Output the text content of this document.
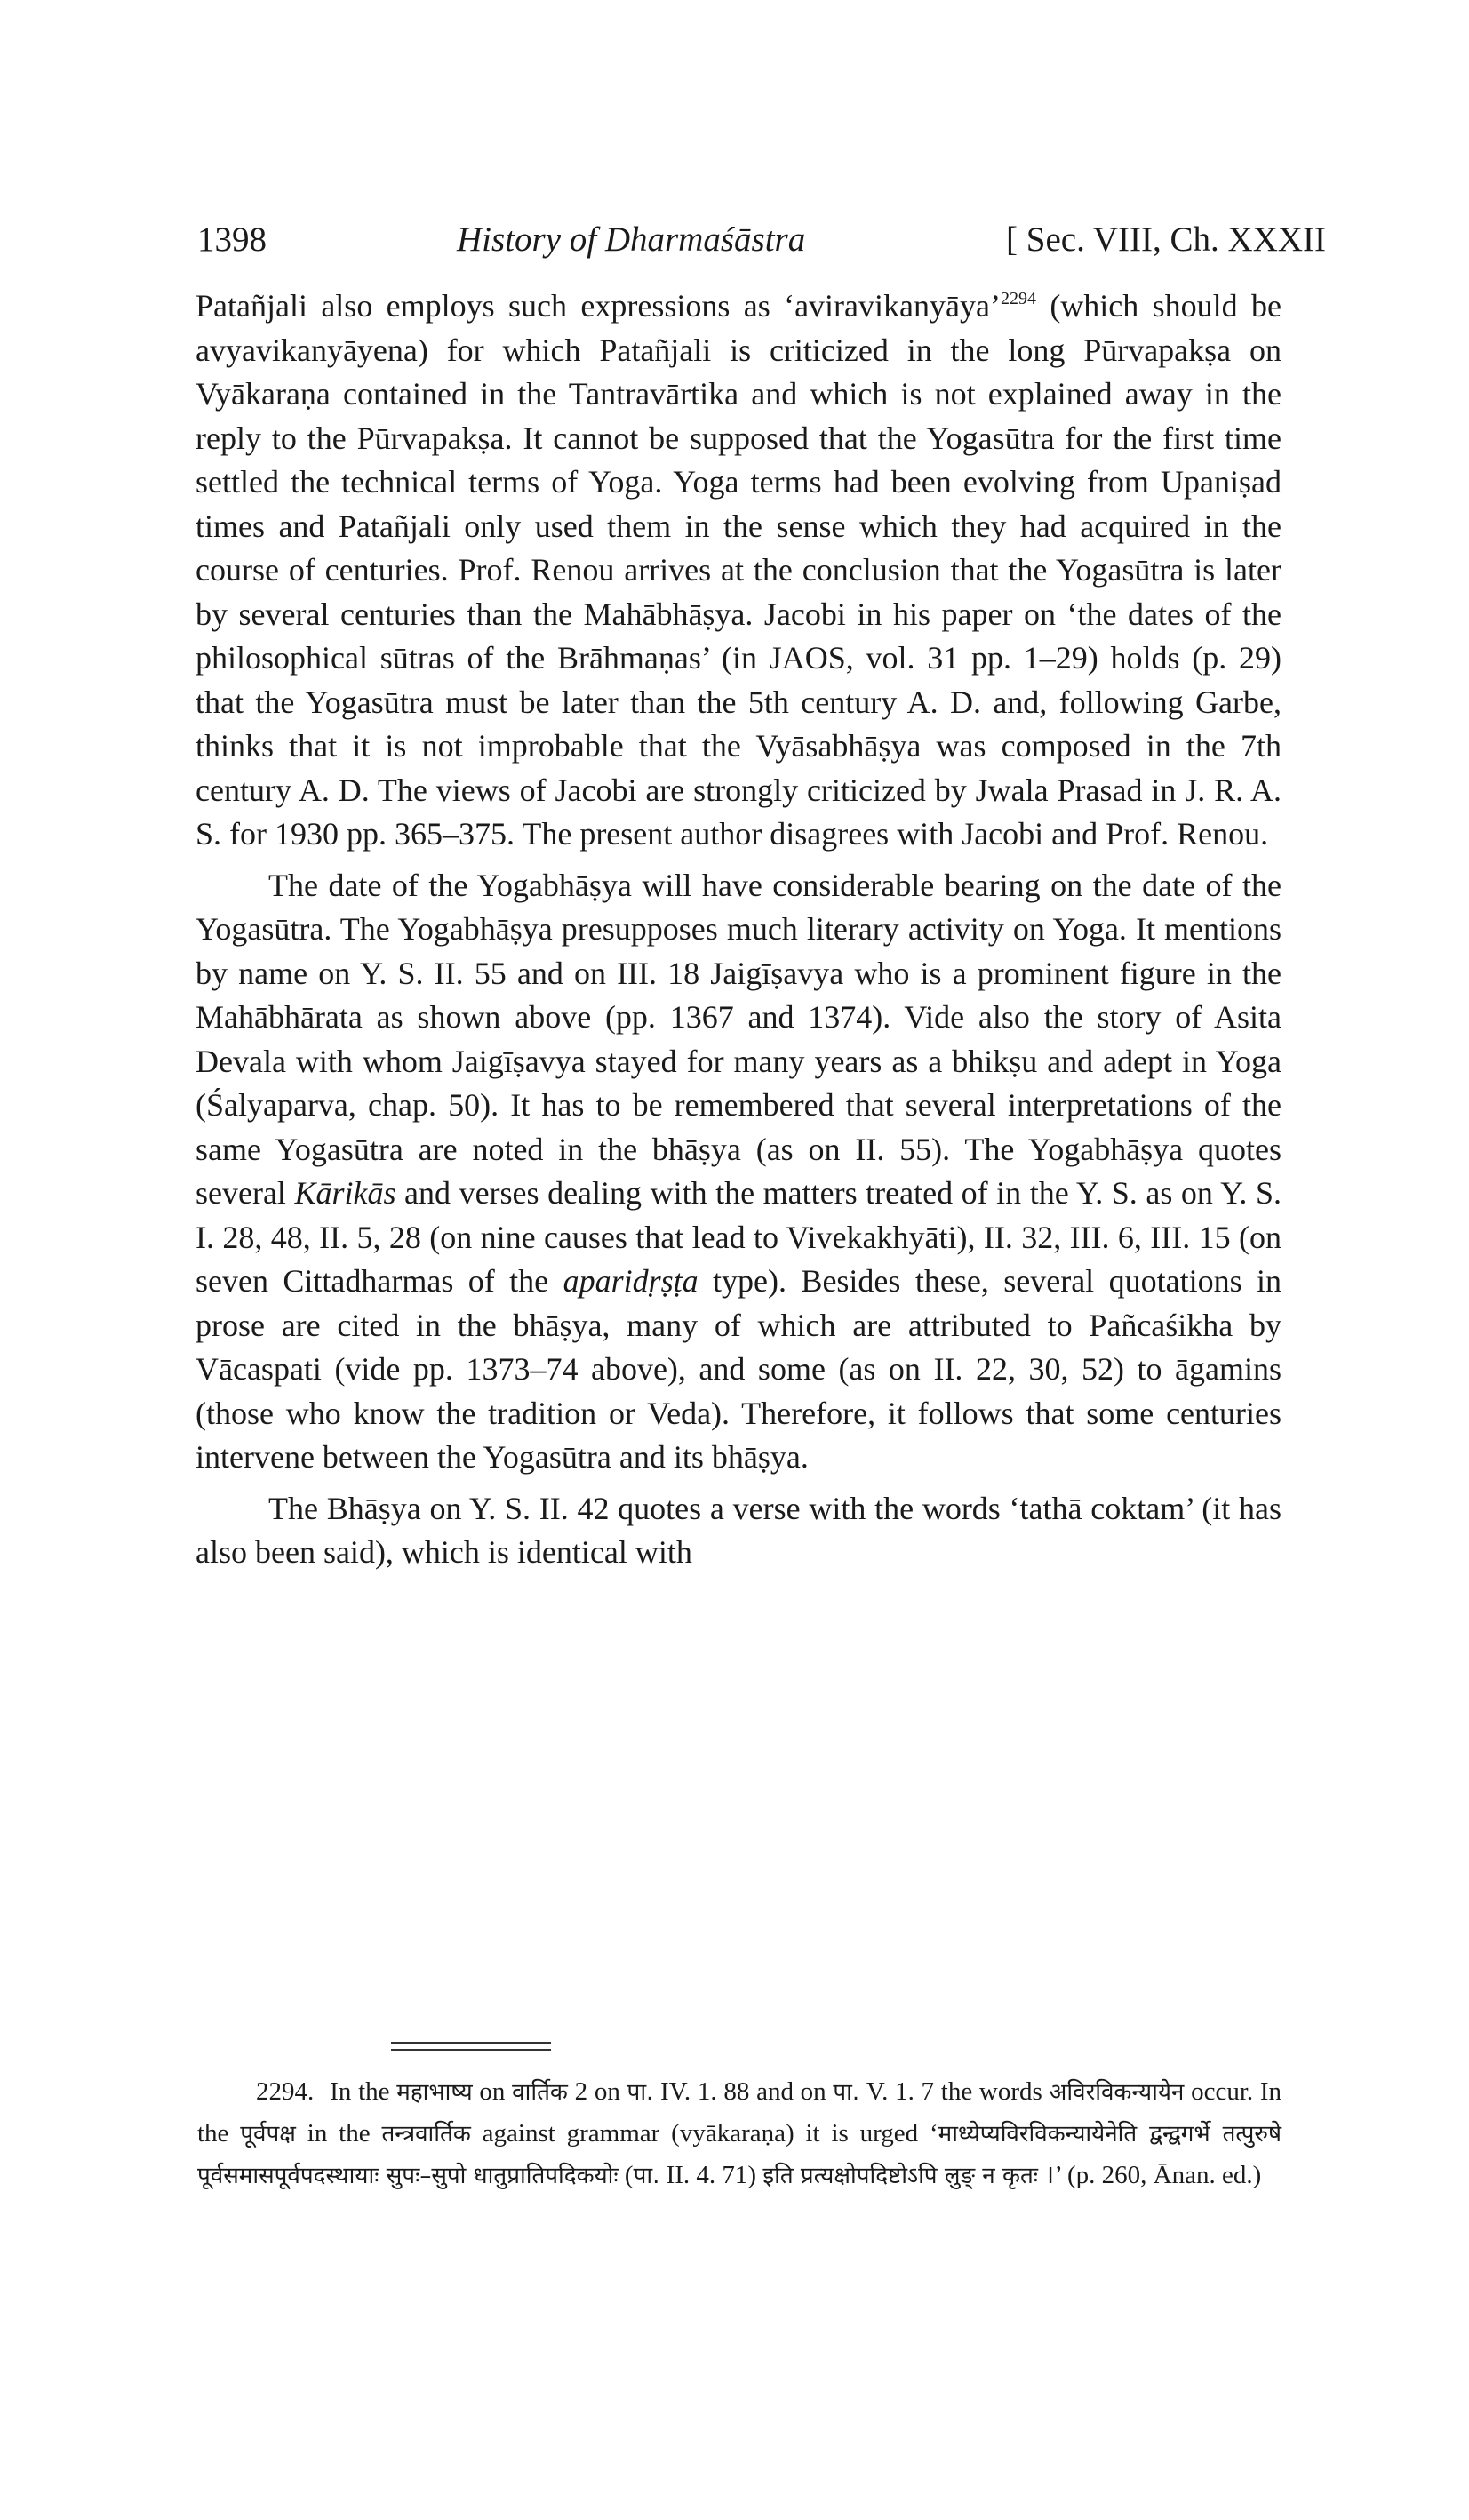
1398	History of Dharmaśāstra	[ Sec. VIII, Ch. XXXII

Patañjali also employs such expressions as ‘aviravikanyāya’$^{2294}$ (which should be avyavikanyāyena) for which Patañjali is criticized in the long Pūrvapakṣa on Vyākaraṇa contained in the Tantravārtika and which is not explained away in the reply to the Pūrvapakṣa. It cannot be supposed that the Yogasūtra for the first time settled the technical terms of Yoga. Yoga terms had been evolving from Upaniṣad times and Patañjali only used them in the sense which they had acquired in the course of centuries. Prof. Renou arrives at the conclusion that the Yogasūtra is later by several centuries than the Mahābhāṣya. Jacobi in his paper on ‘the dates of the philosophical sūtras of the Brāhmaṇas’ (in JAOS, vol. 31 pp. 1–29) holds (p. 29) that the Yogasūtra must be later than the 5th century A. D. and, following Garbe, thinks that it is not improbable that the Vyāsabhāṣya was composed in the 7th century A. D. The views of Jacobi are strongly criticized by Jwala Prasad in J. R. A. S. for 1930 pp. 365–375. The present author disagrees with Jacobi and Prof. Renou.

The date of the Yogabhāṣya will have considerable bearing on the date of the Yogasūtra. The Yogabhāṣya presupposes much literary activity on Yoga. It mentions by name on Y. S. II. 55 and on III. 18 Jaigīṣavya who is a prominent figure in the Mahābhārata as shown above (pp. 1367 and 1374). Vide also the story of Asita Devala with whom Jaigīṣavya stayed for many years as a bhikṣu and adept in Yoga (Śalyaparva, chap. 50). It has to be remembered that several interpretations of the same Yogasūtra are noted in the bhāṣya (as on II. 55). The Yogabhāṣya quotes several Kārikās and verses dealing with the matters treated of in the Y. S. as on Y. S. I. 28, 48, II. 5, 28 (on nine causes that lead to Vivekakhyāti), II. 32, III. 6, III. 15 (on seven Cittadharmas of the aparidṛṣṭa type). Besides these, several quotations in prose are cited in the bhāṣya, many of which are attributed to Pañcaśikha by Vācaspati (vide pp. 1373–74 above), and some (as on II. 22, 30, 52) to āgamins (those who know the tradition or Veda). Therefore, it follows that some centuries intervene between the Yogasūtra and its bhāṣya.

The Bhāṣya on Y. S. II. 42 quotes a verse with the words ‘tathā coktam’ (it has also been said), which is identical with

2294. In the महाभाष्य on वार्तिक 2 on पा. IV. 1. 88 and on पा. V. 1. 7 the words अविरविकन्यायेन occur. In the पूर्वपक्ष in the तन्त्रवार्तिक against grammar (vyākaraṇa) it is urged ‘माध्येप्यविरविकन्यायेनेति द्वन्द्वगर्भे तत्पुरुषे पूर्वसमासपूर्वपदस्थायाः सुपः–सुपो धातुप्रातिपदिकयोः (पा. II. 4. 71) इति प्रत्यक्षोपदिष्टोऽपि लुङ् न कृतः ।’ (p. 260, Ānan. ed.)
